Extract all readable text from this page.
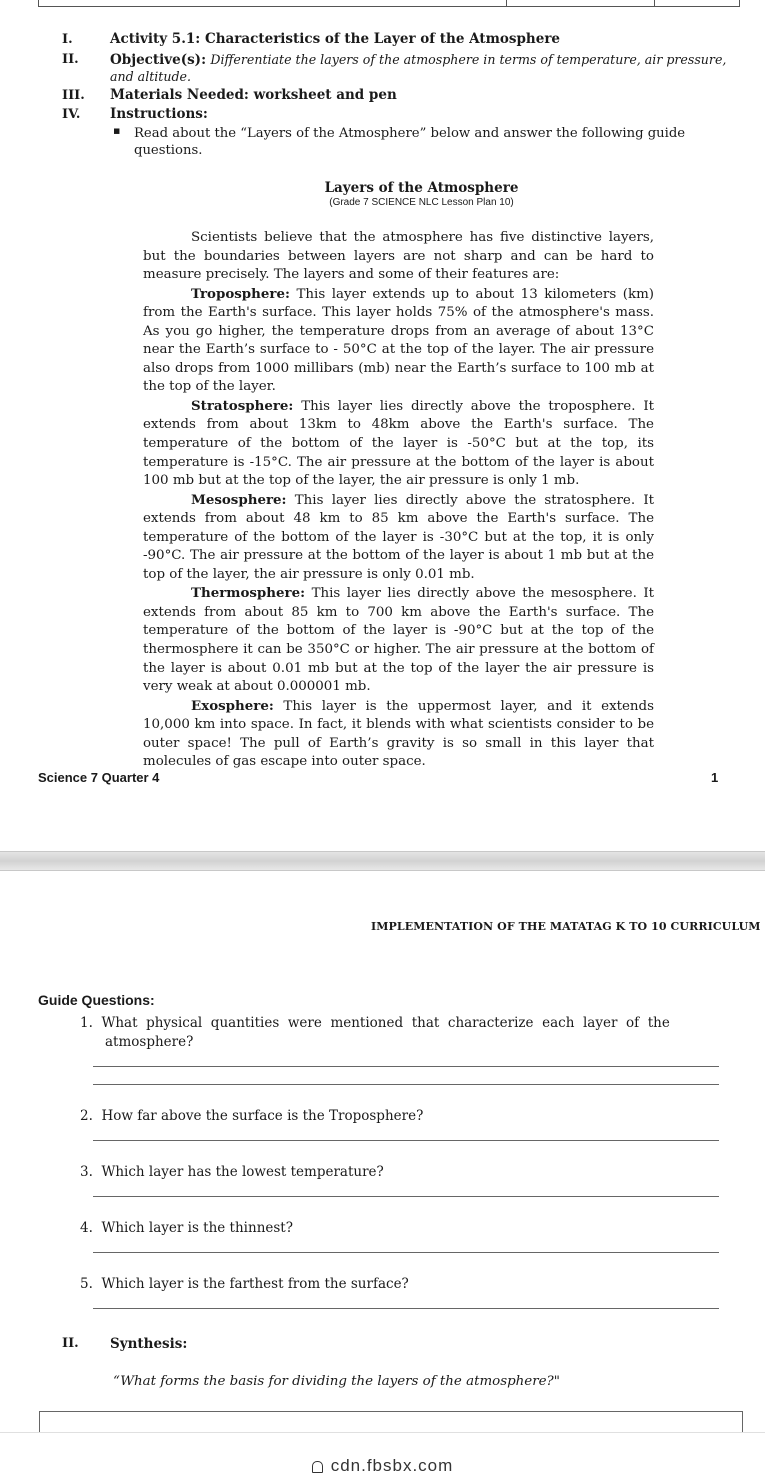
I.	Activity 5.1: Characteristics of the Layer of the Atmosphere
II. Objective(s): Differentiate the layers of the atmosphere in terms of temperature, air pressure,
and altitude.
III. Materials Needed: worksheet and pen
IV. Instructions:
▪ Read about the “Layers of the Atmosphere” below and answer the following guide
questions.
Layers of the Atmosphere
(Grade 7 SCIENCE NLC Lesson Plan 10)

Scientists believe that the atmosphere has five distinctive layers, but the boundaries between layers are not sharp and can be hard to measure precisely. The layers and some of their features are:

Troposphere: This layer extends up to about 13 kilometers (km) from the Earth's surface. This layer holds 75% of the atmosphere's mass. As you go higher, the temperature drops from an average of about 13°C near the Earth’s surface to - 50°C at the top of the layer. The air pressure also drops from 1000 millibars (mb) near the Earth’s surface to 100 mb at the top of the layer.

Stratosphere: This layer lies directly above the troposphere. It extends from about 13km to 48km above the Earth's surface. The temperature of the bottom of the layer is -50°C but at the top, its temperature is -15°C. The air pressure at the bottom of the layer is about 100 mb but at the top of the layer, the air pressure is only 1 mb.

Mesosphere: This layer lies directly above the stratosphere. It extends from about 48 km to 85 km above the Earth's surface. The temperature of the bottom of the layer is -30°C but at the top, it is only -90°C. The air pressure at the bottom of the layer is about 1 mb but at the top of the layer, the air pressure is only 0.01 mb.

Thermosphere: This layer lies directly above the mesosphere. It extends from about 85 km to 700 km above the Earth's surface. The temperature of the bottom of the layer is -90°C but at the top of the thermosphere it can be 350°C or higher. The air pressure at the bottom of the layer is about 0.01 mb but at the top of the layer the air pressure is very weak at about 0.000001 mb.

Exosphere: This layer is the uppermost layer, and it extends 10,000 km into space. In fact, it blends with what scientists consider to be outer space! The pull of Earth’s gravity is so small in this layer that molecules of gas escape into outer space.

Science 7 Quarter 4	1
IMPLEMENTATION OF THE MATATAG K TO 10 CURRICULUM
Guide Questions:
1.  What  physical  quantities  were  mentioned  that  characterize  each  layer  of  the
atmosphere?
2.  How far above the surface is the Troposphere?
3.  Which layer has the lowest temperature?
4.  Which layer is the thinnest?
5.  Which layer is the farthest from the surface?
II. Synthesis:
“What forms the basis for dividing the layers of the atmosphere?"
cdn.fbsbx.com
